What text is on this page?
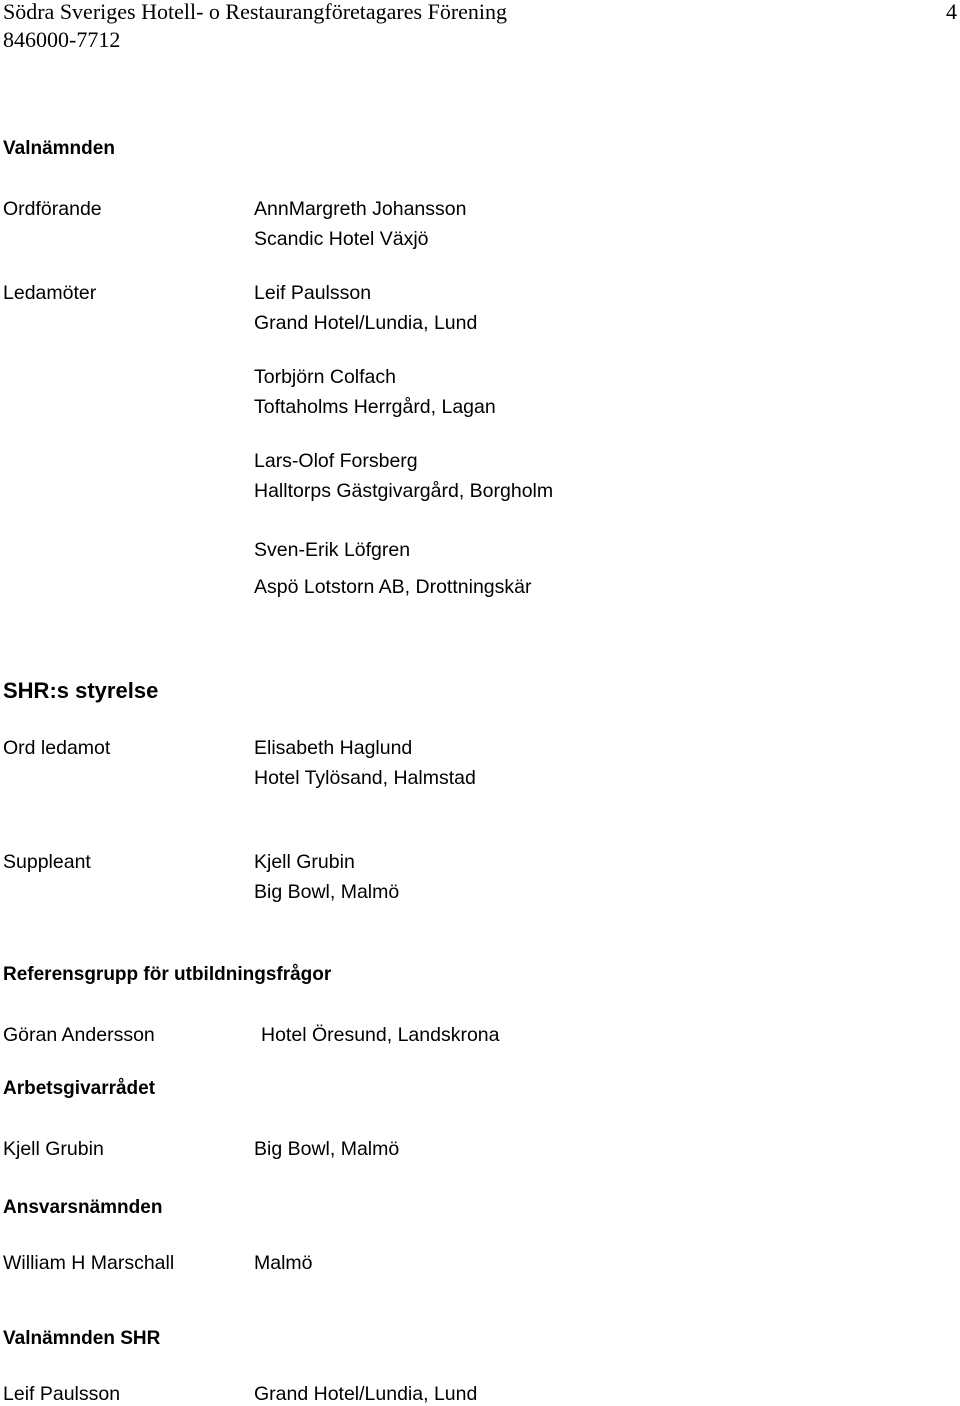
Södra Sveriges Hotell- o Restaurangföretagares Förening	4
846000-7712
Valnämnden
Ordförande	AnnMargreth Johansson
Scandic Hotel Växjö
Ledamöter	Leif Paulsson
Grand Hotel/Lundia, Lund
Torbjörn Colfach
Toftaholms Herrgård, Lagan
Lars-Olof Forsberg
Halltorps Gästgivargård, Borgholm
Sven-Erik Löfgren
Aspö Lotstorn AB, Drottningskär
SHR:s styrelse
Ord ledamot	Elisabeth Haglund
Hotel Tylösand, Halmstad
Suppleant	Kjell Grubin
Big Bowl, Malmö
Referensgrupp för utbildningsfrågor
Göran Andersson	Hotel Öresund, Landskrona
Arbetsgivarrådet
Kjell Grubin	Big Bowl, Malmö
Ansvarsnämnden
William H Marschall	Malmö
Valnämnden SHR
Leif Paulsson	Grand Hotel/Lundia, Lund
